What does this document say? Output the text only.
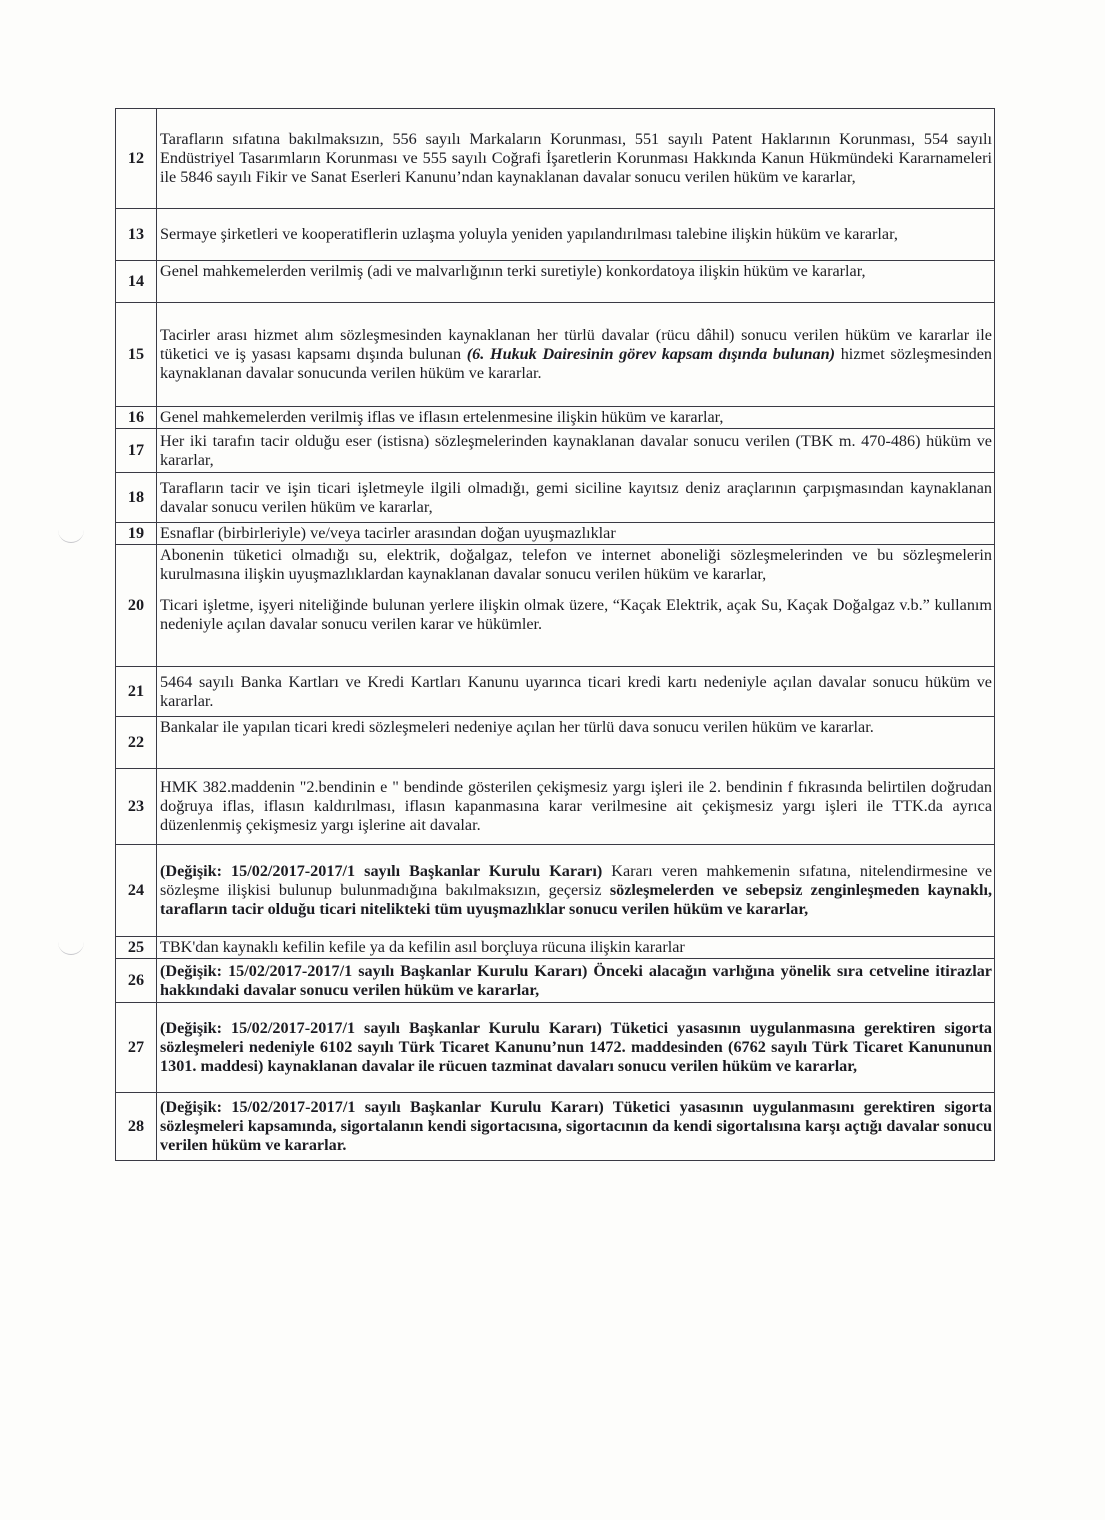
12	Tarafların sıfatına bakılmaksızın, 556 sayılı Markaların Korunması, 551 sayılı Patent Haklarının Korunması, 554 sayılı Endüstriyel Tasarımların Korunması ve 555 sayılı Coğrafi İşaretlerin Korunması Hakkında Kanun Hükmündeki Kararnameleri ile 5846 sayılı Fikir ve Sanat Eserleri Kanunu’ndan kaynaklanan davalar sonucu verilen hüküm ve kararlar,
13	Sermaye şirketleri ve kooperatiflerin uzlaşma yoluyla yeniden yapılandırılması talebine ilişkin hüküm ve kararlar,
14	Genel mahkemelerden verilmiş (adi ve malvarlığının terki suretiyle) konkordatoya ilişkin hüküm ve kararlar,
15	Tacirler arası hizmet alım sözleşmesinden kaynaklanan her türlü davalar (rücu dâhil) sonucu verilen hüküm ve kararlar ile tüketici ve iş yasası kapsamı dışında bulunan (6. Hukuk Dairesinin görev kapsam dışında bulunan) hizmet sözleşmesinden kaynaklanan davalar sonucunda verilen hüküm ve kararlar.
16	Genel mahkemelerden verilmiş iflas ve iflasın ertelenmesine ilişkin hüküm ve kararlar,
17	Her iki tarafın tacir olduğu eser (istisna) sözleşmelerinden kaynaklanan davalar sonucu verilen (TBK m. 470-486) hüküm ve kararlar,
18	Tarafların tacir ve işin ticari işletmeyle ilgili olmadığı, gemi siciline kayıtsız deniz araçlarının çarpışmasından kaynaklanan davalar sonucu verilen hüküm ve kararlar,
19	Esnaflar (birbirleriyle) ve/veya tacirler arasından doğan uyuşmazlıklar
20	Abonenin tüketici olmadığı su, elektrik, doğalgaz, telefon ve internet aboneliği sözleşmelerinden ve bu sözleşmelerin kurulmasına ilişkin uyuşmazlıklardan kaynaklanan davalar sonucu verilen hüküm ve kararlar,
Ticari işletme, işyeri niteliğinde bulunan yerlere ilişkin olmak üzere, “Kaçak Elektrik, açak Su, Kaçak Doğalgaz v.b.” kullanım nedeniyle açılan davalar sonucu verilen karar ve hükümler.

21	5464 sayılı Banka Kartları ve Kredi Kartları Kanunu uyarınca ticari kredi kartı nedeniyle açılan davalar sonucu hüküm ve kararlar.
22	Bankalar ile yapılan ticari kredi sözleşmeleri nedeniye açılan her türlü dava sonucu verilen hüküm ve kararlar.
23	HMK 382.maddenin "2.bendinin e " bendinde gösterilen çekişmesiz yargı işleri ile 2. bendinin f fıkrasında belirtilen doğrudan doğruya iflas, iflasın kaldırılması, iflasın kapanmasına karar verilmesine ait çekişmesiz yargı işleri ile TTK.da ayrıca düzenlenmiş çekişmesiz yargı işlerine ait davalar.
24	(Değişik: 15/02/2017-2017/1 sayılı Başkanlar Kurulu Kararı) Kararı veren mahkemenin sıfatına, nitelendirmesine ve sözleşme ilişkisi bulunup bulunmadığına bakılmaksızın, geçersiz sözleşmelerden ve sebepsiz zenginleşmeden kaynaklı, tarafların tacir olduğu ticari nitelikteki tüm uyuşmazlıklar sonucu verilen hüküm ve kararlar,
25	TBK'dan kaynaklı kefilin kefile ya da kefilin asıl borçluya rücuna ilişkin kararlar
26	(Değişik: 15/02/2017-2017/1 sayılı Başkanlar Kurulu Kararı) Önceki alacağın varlığına yönelik sıra cetveline itirazlar hakkındaki davalar sonucu verilen hüküm ve kararlar,
27	(Değişik: 15/02/2017-2017/1 sayılı Başkanlar Kurulu Kararı) Tüketici yasasının uygulanmasına gerektiren sigorta sözleşmeleri nedeniyle 6102 sayılı Türk Ticaret Kanunu’nun 1472. maddesinden (6762 sayılı Türk Ticaret Kanununun 1301. maddesi) kaynaklanan davalar ile rücuen tazminat davaları sonucu verilen hüküm ve kararlar,
28	(Değişik: 15/02/2017-2017/1 sayılı Başkanlar Kurulu Kararı) Tüketici yasasının uygulanmasını gerektiren sigorta sözleşmeleri kapsamında, sigortalanın kendi sigortacısına, sigortacının da kendi sigortalısına karşı açtığı davalar sonucu verilen hüküm ve kararlar.
